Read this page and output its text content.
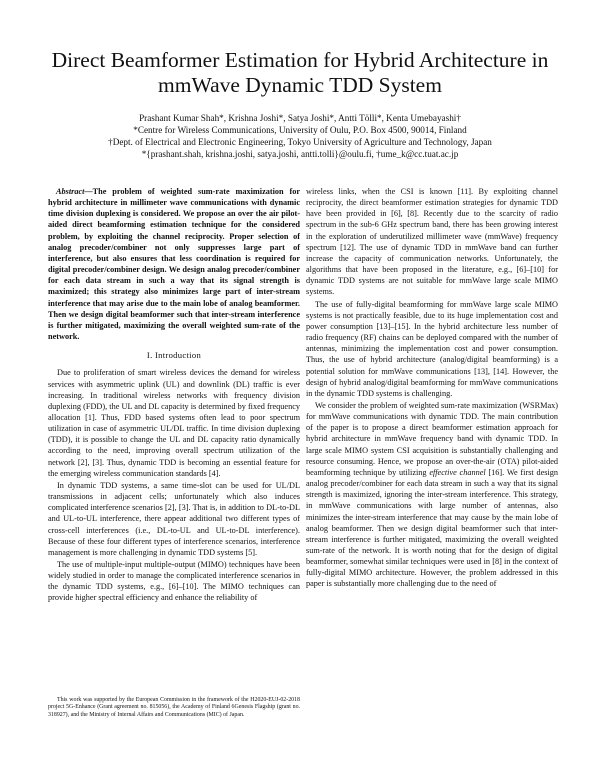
Direct Beamformer Estimation for Hybrid Architecture in mmWave Dynamic TDD System
Prashant Kumar Shah*, Krishna Joshi*, Satya Joshi*, Antti Tölli*, Kenta Umebayashi†
*Centre for Wireless Communications, University of Oulu, P.O. Box 4500, 90014, Finland
†Dept. of Electrical and Electronic Engineering, Tokyo University of Agriculture and Technology, Japan
*{prashant.shah, krishna.joshi, satya.joshi, antti.tolli}@oulu.fi, †ume_k@cc.tuat.ac.jp

Abstract—The problem of weighted sum-rate maximization for hybrid architecture in millimeter wave communications with dynamic time division duplexing is considered. We propose an over the air pilot-aided direct beamforming estimation technique for the considered problem, by exploiting the channel reciprocity. Proper selection of analog precoder/combiner not only suppresses large part of interference, but also ensures that less coordination is required for digital precoder/combiner design. We design analog precoder/combiner for each data stream in such a way that its signal strength is maximized; this strategy also minimizes large part of inter-stream interference that may arise due to the main lobe of analog beamformer. Then we design digital beamformer such that inter-stream interference is further mitigated, maximizing the overall weighted sum-rate of the network.

I. Introduction

Due to proliferation of smart wireless devices the demand for wireless services with asymmetric uplink (UL) and downlink (DL) traffic is ever increasing. In traditional wireless networks with frequency division duplexing (FDD), the UL and DL capacity is determined by fixed frequency allocation [1]. Thus, FDD based systems often lead to poor spectrum utilization in case of asymmetric UL/DL traffic. In time division duplexing (TDD), it is possible to change the UL and DL capacity ratio dynamically according to the need, improving overall spectrum utilization of the network [2], [3]. Thus, dynamic TDD is becoming an essential feature for the emerging wireless communication standards [4].

In dynamic TDD systems, a same time-slot can be used for UL/DL transmissions in adjacent cells; unfortunately which also induces complicated interference scenarios [2], [3]. That is, in addition to DL-to-DL and UL-to-UL interference, there appear additional two different types of cross-cell interferences (i.e., DL-to-UL and UL-to-DL interference). Because of these four different types of interference scenarios, interference management is more challenging in dynamic TDD systems [5].

The use of multiple-input multiple-output (MIMO) techniques have been widely studied in order to manage the complicated interference scenarios in the dynamic TDD systems, e.g., [6]–[10]. The MIMO techniques can provide higher spectral efficiency and enhance the reliability of

This work was supported by the European Commission in the framework of the H2020-EUJ-02-2018 project 5G-Enhance (Grant agreement no. 815056), the Academy of Finland 6Genesis Flagship (grant no. 318927), and the Ministry of Internal Affairs and Communications (MIC) of Japan.

wireless links, when the CSI is known [11]. By exploiting channel reciprocity, the direct beamformer estimation strategies for dynamic TDD have been provided in [6], [8]. Recently due to the scarcity of radio spectrum in the sub-6 GHz spectrum band, there has been growing interest in the exploration of underutilized millimeter wave (mmWave) frequency spectrum [12]. The use of dynamic TDD in mmWave band can further increase the capacity of communication networks. Unfortunately, the algorithms that have been proposed in the literature, e.g., [6]–[10] for dynamic TDD systems are not suitable for mmWave large scale MIMO systems.

The use of fully-digital beamforming for mmWave large scale MIMO systems is not practically feasible, due to its huge implementation cost and power consumption [13]–[15]. In the hybrid architecture less number of radio frequency (RF) chains can be deployed compared with the number of antennas, minimizing the implementation cost and power consumption. Thus, the use of hybrid architecture (analog/digital beamforming) is a potential solution for mmWave communications [13], [14]. However, the design of hybrid analog/digital beamforming for mmWave communications in the dynamic TDD systems is challenging.

We consider the problem of weighted sum-rate maximization (WSRMax) for mmWave communications with dynamic TDD. The main contribution of the paper is to propose a direct beamformer estimation approach for hybrid architecture in mmWave frequency band with dynamic TDD. In large scale MIMO system CSI acquisition is substantially challenging and resource consuming. Hence, we propose an over-the-air (OTA) pilot-aided beamforming technique by utilizing effective channel [16]. We first design analog precoder/combiner for each data stream in such a way that its signal strength is maximized, ignoring the inter-stream interference. This strategy, in mmWave communications with large number of antennas, also minimizes the inter-stream interference that may cause by the main lobe of analog beamformer. Then we design digital beamformer such that inter-stream interference is further mitigated, maximizing the overall weighted sum-rate of the network. It is worth noting that for the design of digital beamformer, somewhat similar techniques were used in [8] in the context of fully-digital MIMO architecture. However, the problem addressed in this paper is substantially more challenging due to the need of
